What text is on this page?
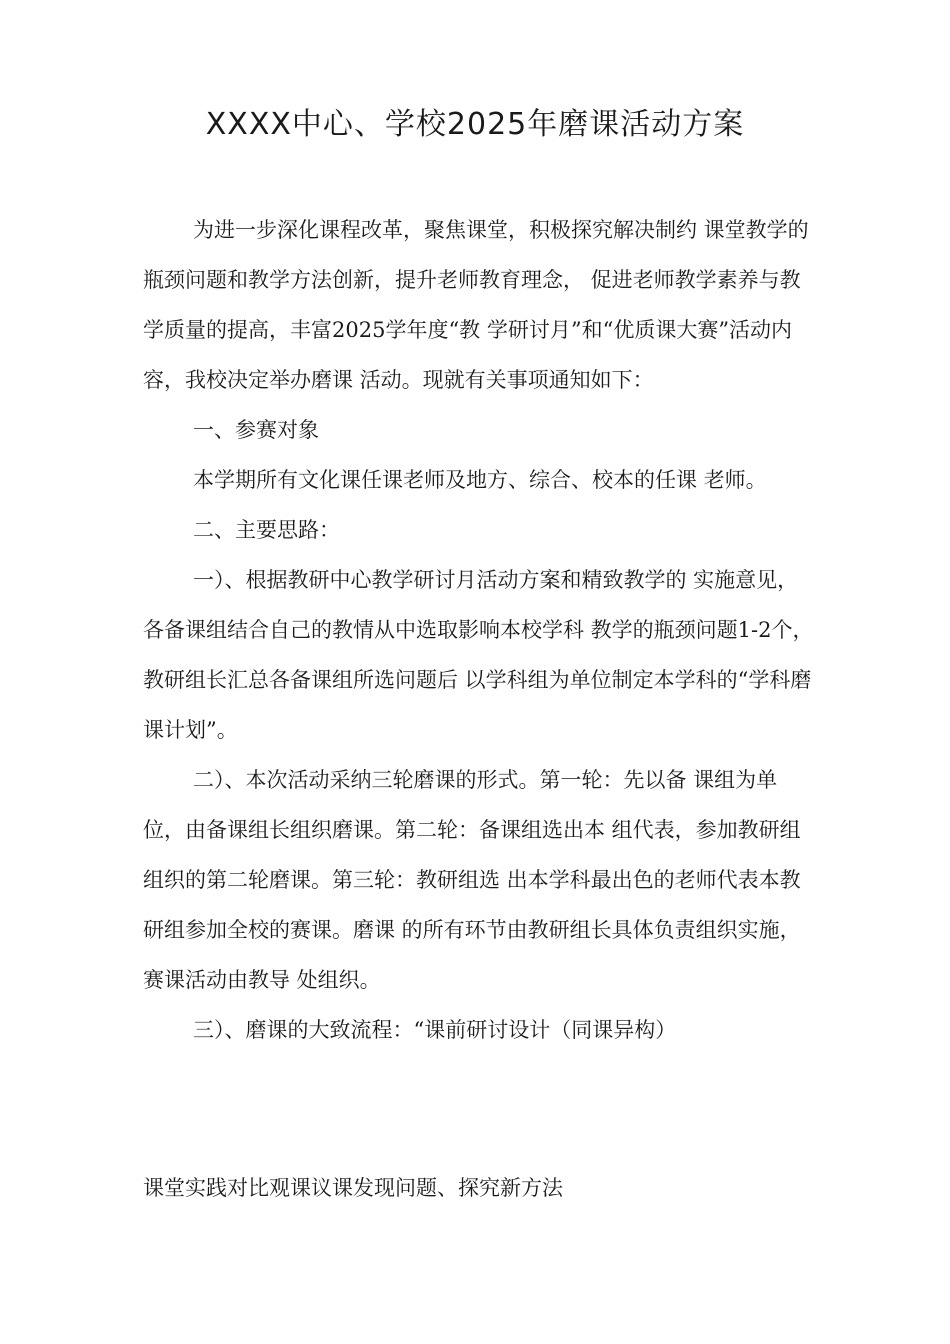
XXXX中心、学校2025年磨课活动方案

为进一步深化课程改革，聚焦课堂，积极探究解决制约 课堂教学的瓶颈问题和教学方法创新，提升老师教育理念， 促进老师教学素养与教学质量的提高，丰富2025学年度“教 学研讨月”和“优质课大赛”活动内容，我校决定举办磨课 活动。现就有关事项通知如下：

一、参赛对象

本学期所有文化课任课老师及地方、综合、校本的任课 老师。

二、主要思路：

一）、根据教研中心教学研讨月活动方案和精致教学的 实施意见，各备课组结合自己的教情从中选取影响本校学科 教学的瓶颈问题1-2个，教研组长汇总各备课组所选问题后 以学科组为单位制定本学科的“学科磨课计划”。

二）、本次活动采纳三轮磨课的形式。第一轮：先以备 课组为单位，由备课组长组织磨课。第二轮：备课组选出本 组代表，参加教研组组织的第二轮磨课。第三轮：教研组选 出本学科最出色的老师代表本教研组参加全校的赛课。磨课 的所有环节由教研组长具体负责组织实施，赛课活动由教导 处组织。

三）、磨课的大致流程：“课前研讨设计（同课异构）

课堂实践对比观课议课发现问题、探究新方法
